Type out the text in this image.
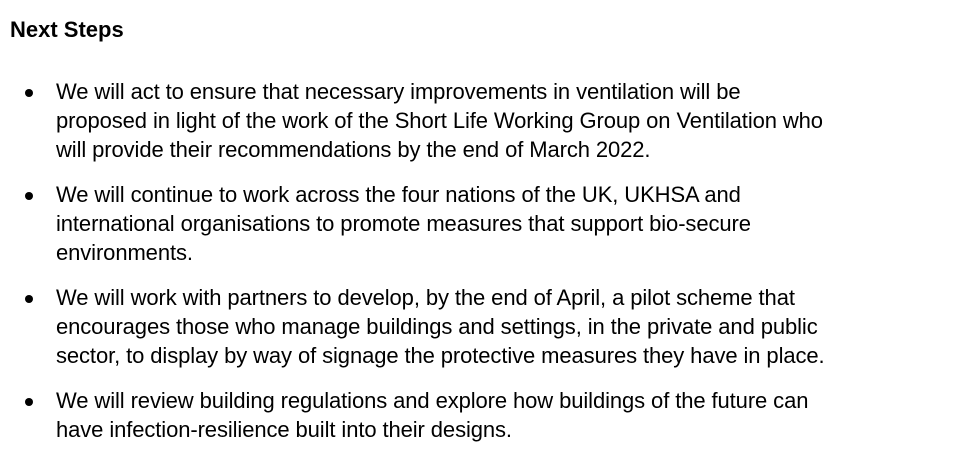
Next Steps
We will act to ensure that necessary improvements in ventilation will be
proposed in light of the work of the Short Life Working Group on Ventilation who
will provide their recommendations by the end of March 2022.
We will continue to work across the four nations of the UK, UKHSA and
international organisations to promote measures that support bio-secure
environments.
We will work with partners to develop, by the end of April, a pilot scheme that
encourages those who manage buildings and settings, in the private and public
sector, to display by way of signage the protective measures they have in place.
We will review building regulations and explore how buildings of the future can
have infection-resilience built into their designs.
